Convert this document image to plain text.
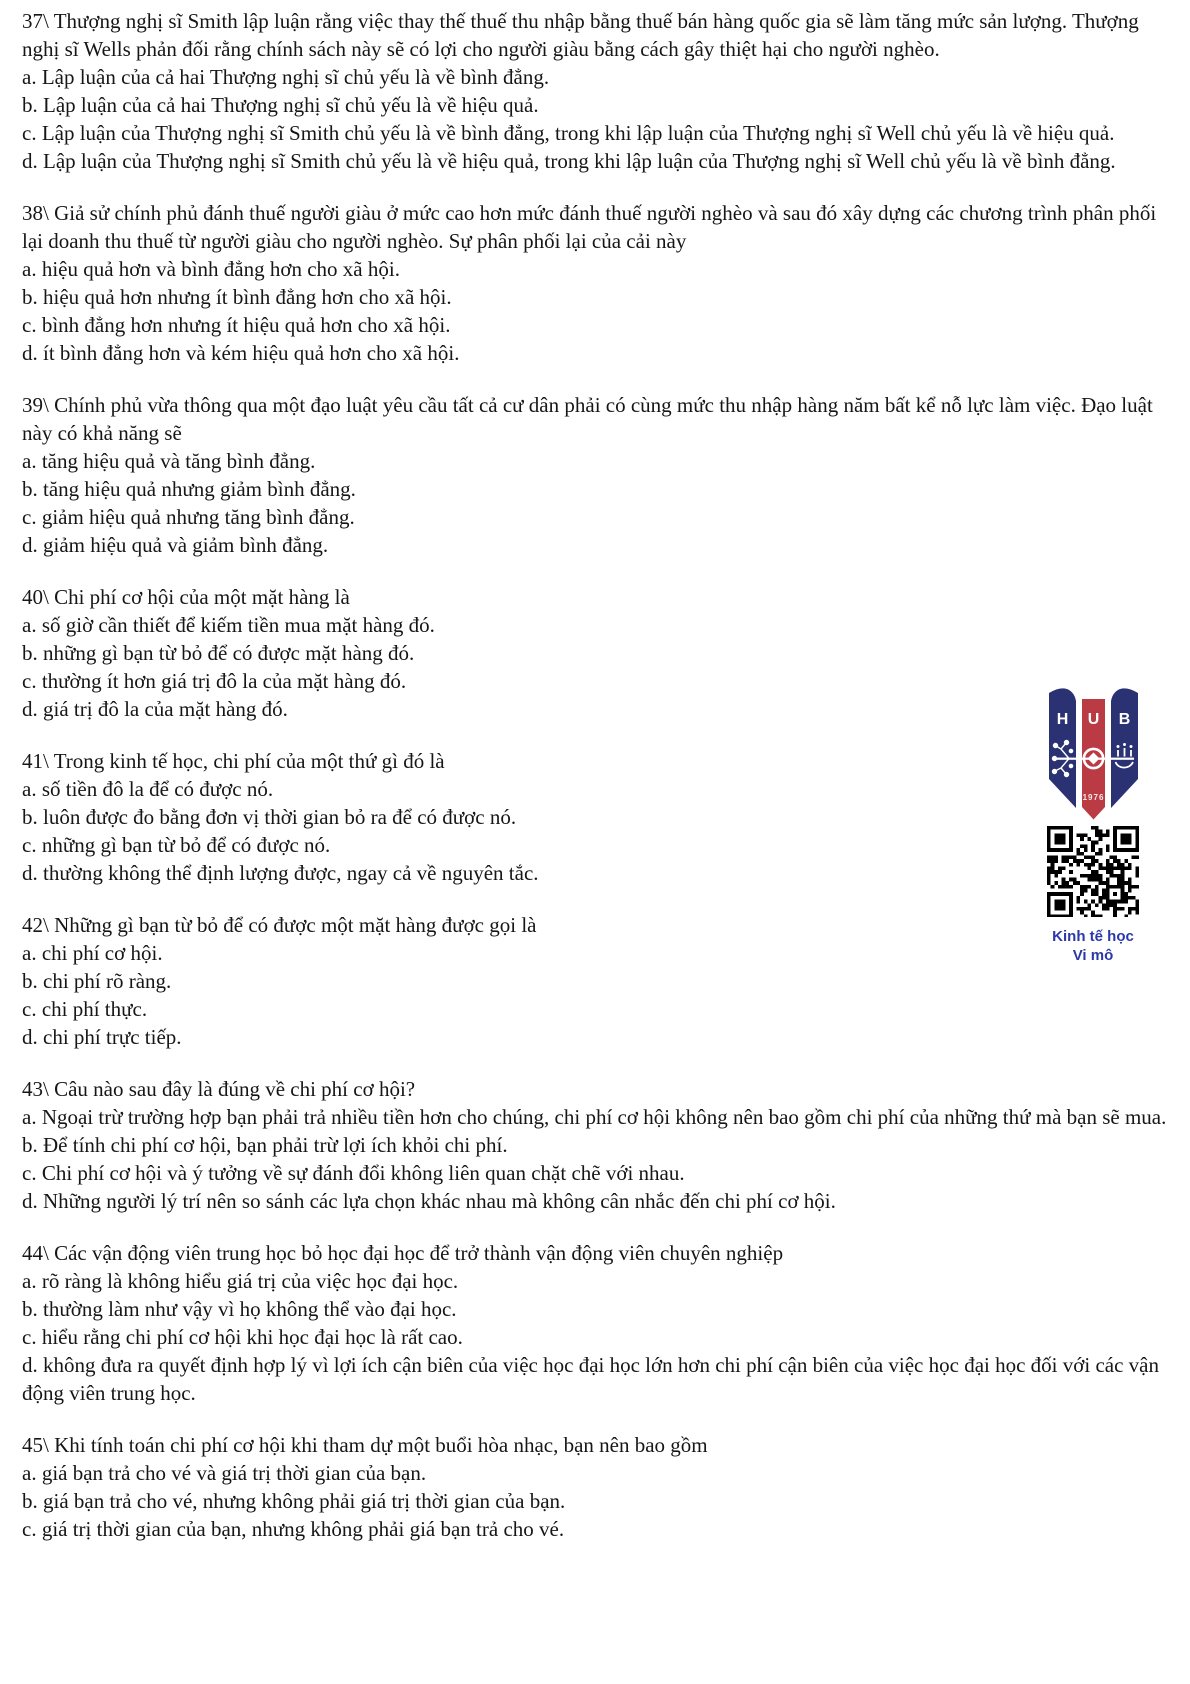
37\ Thượng nghị sĩ Smith lập luận rằng việc thay thế thuế thu nhập bằng thuế bán hàng quốc gia sẽ làm tăng mức sản lượng. Thượng nghị sĩ Wells phản đối rằng chính sách này sẽ có lợi cho người giàu bằng cách gây thiệt hại cho người nghèo.
a. Lập luận của cả hai Thượng nghị sĩ chủ yếu là về bình đẳng.
b. Lập luận của cả hai Thượng nghị sĩ chủ yếu là về hiệu quả.
c. Lập luận của Thượng nghị sĩ Smith chủ yếu là về bình đẳng, trong khi lập luận của Thượng nghị sĩ Well chủ yếu là về hiệu quả.
d. Lập luận của Thượng nghị sĩ Smith chủ yếu là về hiệu quả, trong khi lập luận của Thượng nghị sĩ Well chủ yếu là về bình đẳng.
38\ Giả sử chính phủ đánh thuế người giàu ở mức cao hơn mức đánh thuế người nghèo và sau đó xây dựng các chương trình phân phối lại doanh thu thuế từ người giàu cho người nghèo. Sự phân phối lại của cải này
a. hiệu quả hơn và bình đẳng hơn cho xã hội.
b. hiệu quả hơn nhưng ít bình đẳng hơn cho xã hội.
c. bình đẳng hơn nhưng ít hiệu quả hơn cho xã hội.
d. ít bình đẳng hơn và kém hiệu quả hơn cho xã hội.
39\ Chính phủ vừa thông qua một đạo luật yêu cầu tất cả cư dân phải có cùng mức thu nhập hàng năm bất kể nỗ lực làm việc. Đạo luật này có khả năng sẽ
a. tăng hiệu quả và tăng bình đẳng.
b. tăng hiệu quả nhưng giảm bình đẳng.
c. giảm hiệu quả nhưng tăng bình đẳng.
d. giảm hiệu quả và giảm bình đẳng.
40\ Chi phí cơ hội của một mặt hàng là
a. số giờ cần thiết để kiếm tiền mua mặt hàng đó.
b. những gì bạn từ bỏ để có được mặt hàng đó.
c. thường ít hơn giá trị đô la của mặt hàng đó.
d. giá trị đô la của mặt hàng đó.
41\ Trong kinh tế học, chi phí của một thứ gì đó là
a. số tiền đô la để có được nó.
b. luôn được đo bằng đơn vị thời gian bỏ ra để có được nó.
c. những gì bạn từ bỏ để có được nó.
d. thường không thể định lượng được, ngay cả về nguyên tắc.
42\ Những gì bạn từ bỏ để có được một mặt hàng được gọi là
a. chi phí cơ hội.
b. chi phí rõ ràng.
c. chi phí thực.
d. chi phí trực tiếp.
43\ Câu nào sau đây là đúng về chi phí cơ hội?
a. Ngoại trừ trường hợp bạn phải trả nhiều tiền hơn cho chúng, chi phí cơ hội không nên bao gồm chi phí của những thứ mà bạn sẽ mua.
b. Để tính chi phí cơ hội, bạn phải trừ lợi ích khỏi chi phí.
c. Chi phí cơ hội và ý tưởng về sự đánh đổi không liên quan chặt chẽ với nhau.
d. Những người lý trí nên so sánh các lựa chọn khác nhau mà không cân nhắc đến chi phí cơ hội.
44\ Các vận động viên trung học bỏ học đại học để trở thành vận động viên chuyên nghiệp
a. rõ ràng là không hiểu giá trị của việc học đại học.
b. thường làm như vậy vì họ không thể vào đại học.
c. hiểu rằng chi phí cơ hội khi học đại học là rất cao.
d. không đưa ra quyết định hợp lý vì lợi ích cận biên của việc học đại học lớn hơn chi phí cận biên của việc học đại học đối với các vận động viên trung học.
45\ Khi tính toán chi phí cơ hội khi tham dự một buổi hòa nhạc, bạn nên bao gồm
a. giá bạn trả cho vé và giá trị thời gian của bạn.
b. giá bạn trả cho vé, nhưng không phải giá trị thời gian của bạn.
c. giá trị thời gian của bạn, nhưng không phải giá bạn trả cho vé.
H U B
1976
Kinh tế học
Vi mô
